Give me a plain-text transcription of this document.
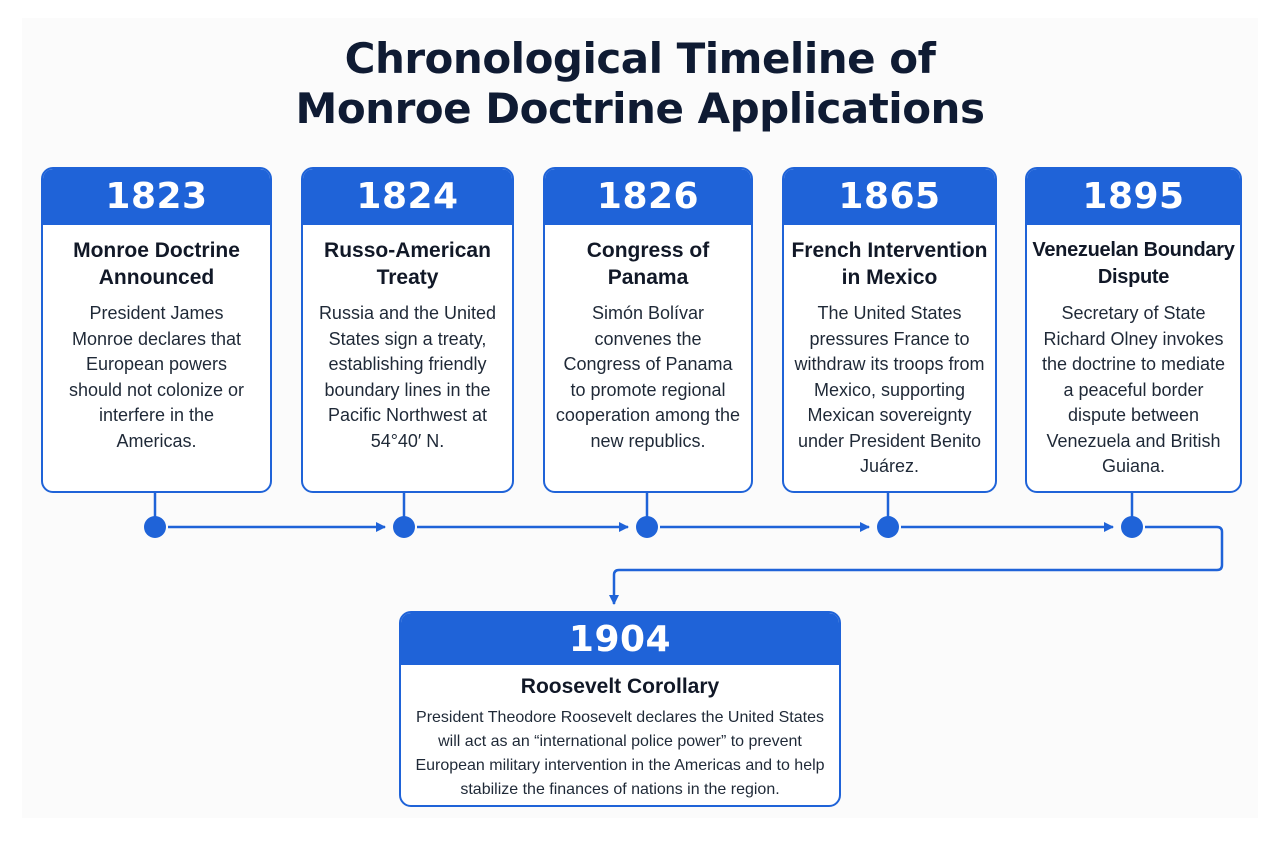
Chronological Timeline of
Monroe Doctrine Applications
1823
Monroe Doctrine Announced
President James Monroe declares that European powers should not colonize or interfere in the Americas.
1824
Russo-American Treaty
Russia and the United States sign a treaty, establishing friendly boundary lines in the Pacific Northwest at 54°40′ N.
1826
Congress of Panama
Simón Bolívar convenes the Congress of Panama to promote regional cooperation among the new republics.
1865
French Intervention in Mexico
The United States pressures France to withdraw its troops from Mexico, supporting Mexican sovereignty under President Benito Juárez.
1895
Venezuelan Boundary Dispute
Secretary of State Richard Olney invokes the doctrine to mediate a peaceful border dispute between Venezuela and British Guiana.
1904
Roosevelt Corollary
President Theodore Roosevelt declares the United States will act as an “international police power” to prevent European military intervention in the Americas and to help stabilize the finances of nations in the region.
